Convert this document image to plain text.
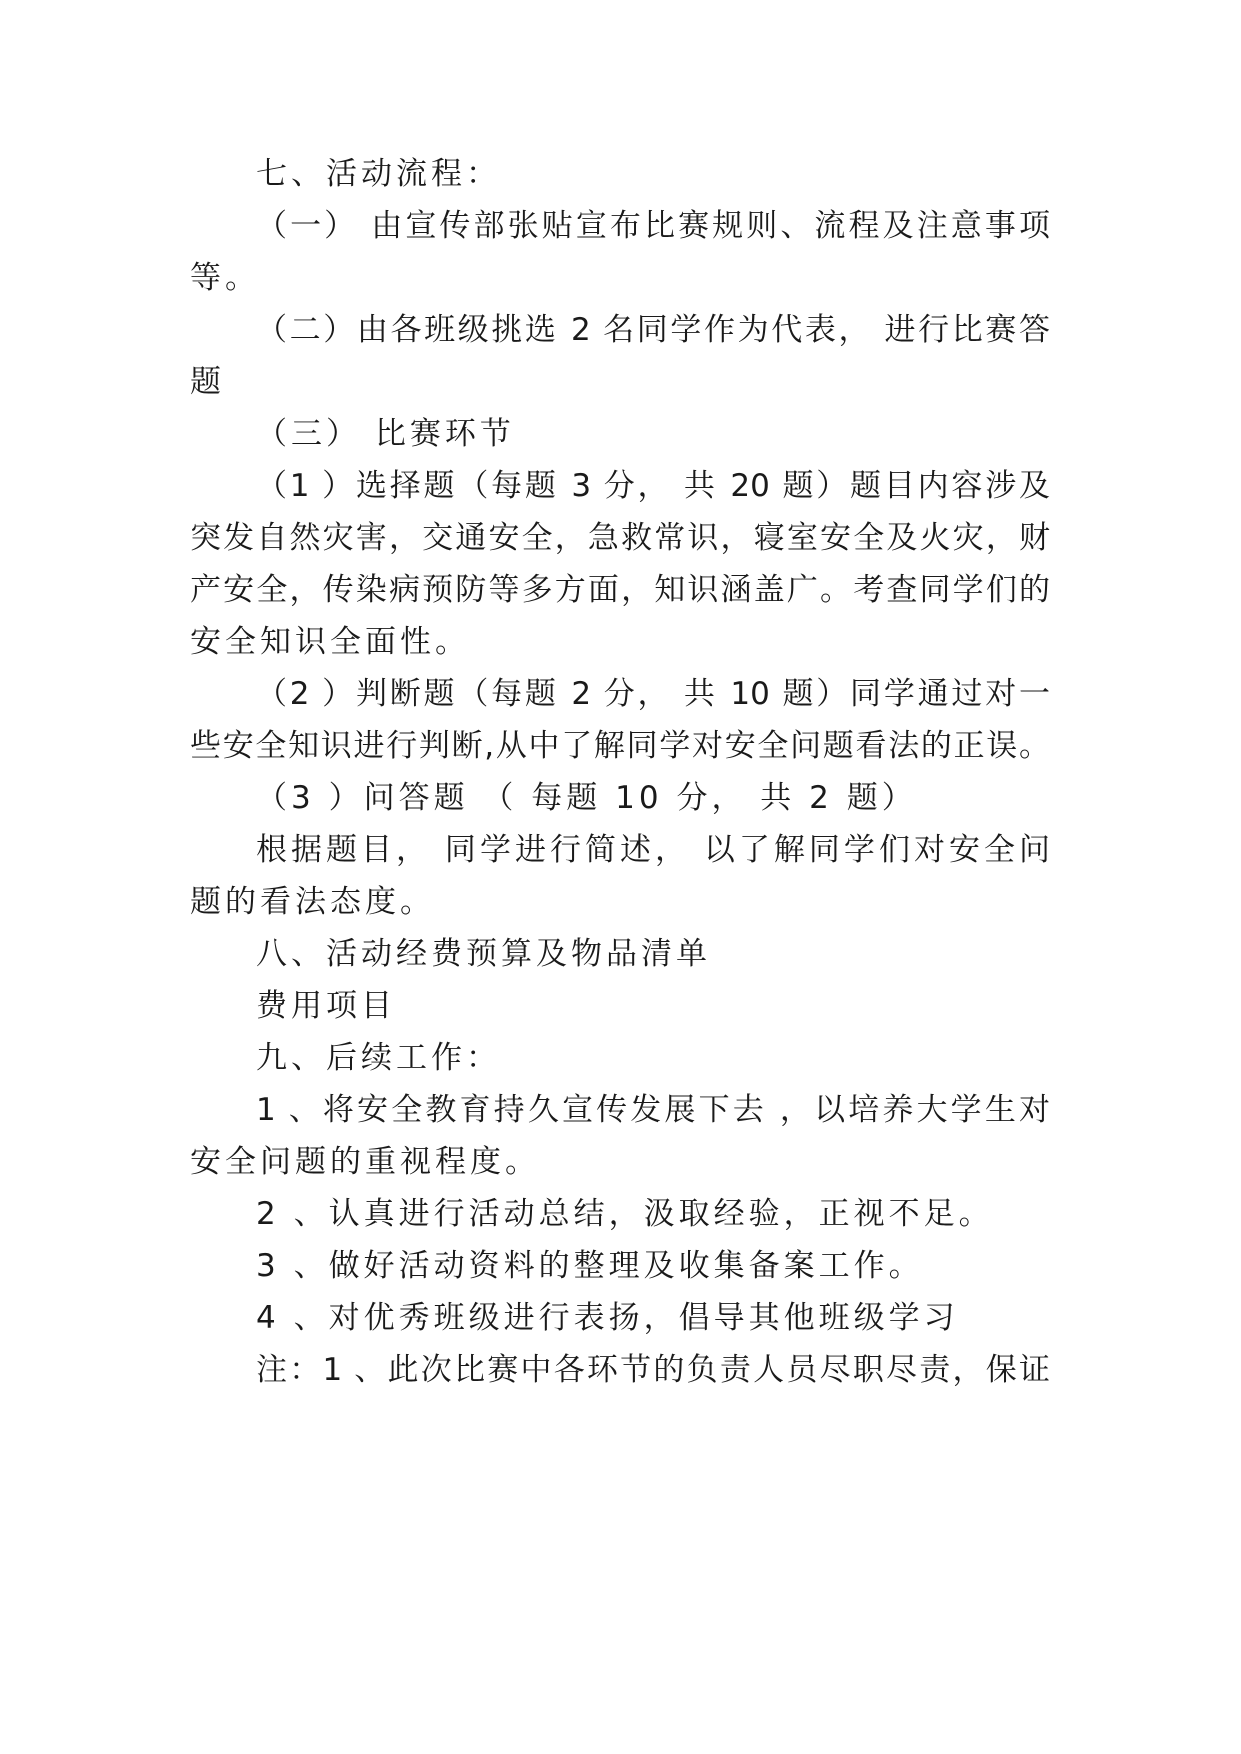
七、活动流程：
（一） 由宣传部张贴宣布比赛规则、流程及注意事项
等。
（二）由各班级挑选 2 名同学作为代表， 进行比赛答
题
（三） 比赛环节
（1 ）选择题（每题 3 分， 共 20 题）题目内容涉及
突发自然灾害，交通安全，急救常识，寝室安全及火灾，财
产安全，传染病预防等多方面，知识涵盖广。考查同学们的
安全知识全面性。
（2 ）判断题（每题 2 分， 共 10 题）同学通过对一
些安全知识进行判断,从中了解同学对安全问题看法的正误。
（3 ）问答题 （ 每题 10 分， 共 2 题）
根据题目， 同学进行简述， 以了解同学们对安全问
题的看法态度。
八、活动经费预算及物品清单
费用项目
九、后续工作：
1 、将安全教育持久宣传发展下去 ，以培养大学生对
安全问题的重视程度。
2 、认真进行活动总结，汲取经验，正视不足。
3 、做好活动资料的整理及收集备案工作。
4 、对优秀班级进行表扬，倡导其他班级学习
注：1 、此次比赛中各环节的负责人员尽职尽责，保证
